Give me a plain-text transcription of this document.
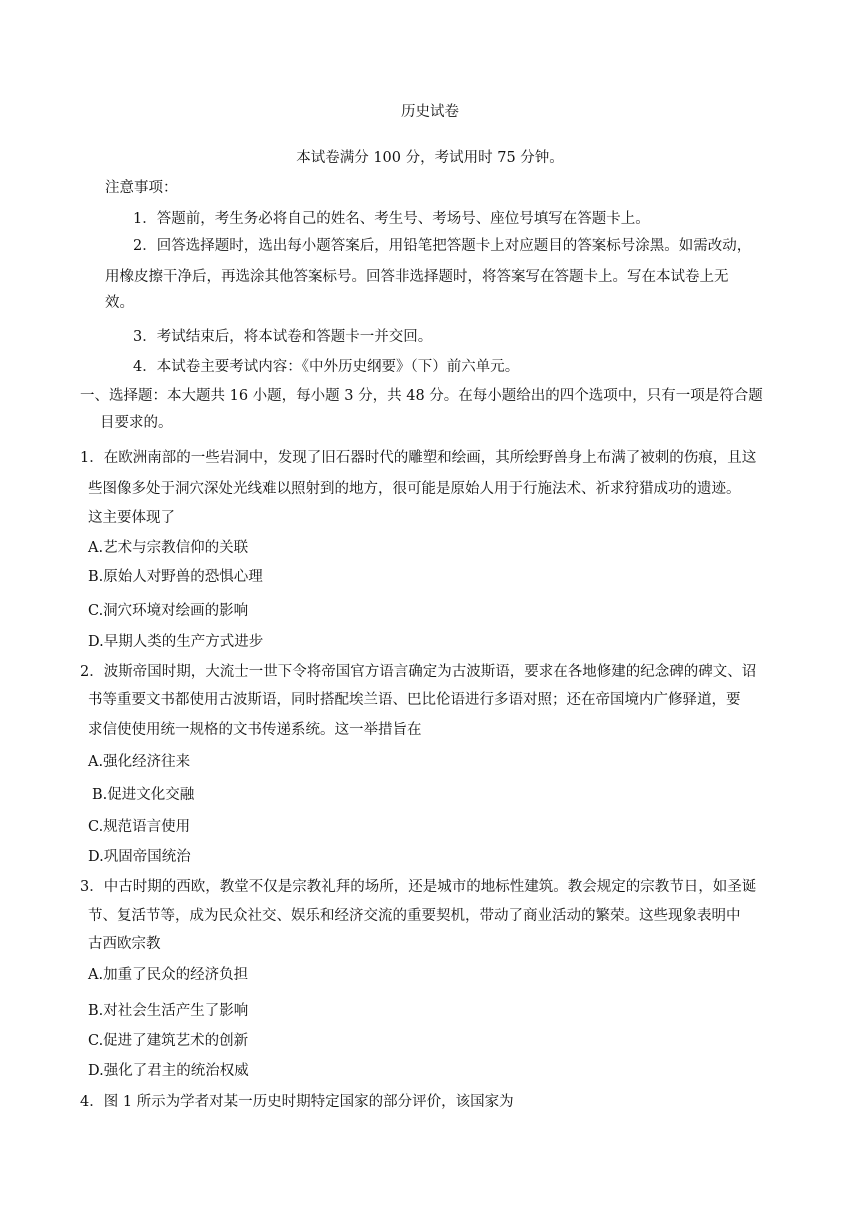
历史试卷
本试卷满分 100 分，考试用时 75 分钟。
注意事项：
1．答题前，考生务必将自己的姓名、考生号、考场号、座位号填写在答题卡上。
2．回答选择题时，选出每小题答案后，用铅笔把答题卡上对应题目的答案标号涂黑。如需改动，
用橡皮擦干净后，再选涂其他答案标号。回答非选择题时，将答案写在答题卡上。写在本试卷上无
效。
3．考试结束后，将本试卷和答题卡一并交回。
4．本试卷主要考试内容：《中外历史纲要》（下）前六单元。
一、选择题：本大题共 16 小题，每小题 3 分，共 48 分。在每小题给出的四个选项中，只有一项是符合题
目要求的。
1．在欧洲南部的一些岩洞中，发现了旧石器时代的雕塑和绘画，其所绘野兽身上布满了被刺的伤痕，且这
些图像多处于洞穴深处光线难以照射到的地方，很可能是原始人用于行施法术、祈求狩猎成功的遗迹。
这主要体现了
A.艺术与宗教信仰的关联
B.原始人对野兽的恐惧心理
C.洞穴环境对绘画的影响
D.早期人类的生产方式进步
2．波斯帝国时期，大流士一世下令将帝国官方语言确定为古波斯语，要求在各地修建的纪念碑的碑文、诏
书等重要文书都使用古波斯语，同时搭配埃兰语、巴比伦语进行多语对照；还在帝国境内广修驿道，要
求信使使用统一规格的文书传递系统。这一举措旨在
A.强化经济往来
B.促进文化交融
C.规范语言使用
D.巩固帝国统治
3．中古时期的西欧，教堂不仅是宗教礼拜的场所，还是城市的地标性建筑。教会规定的宗教节日，如圣诞
节、复活节等，成为民众社交、娱乐和经济交流的重要契机，带动了商业活动的繁荣。这些现象表明中
古西欧宗教
A.加重了民众的经济负担
B.对社会生活产生了影响
C.促进了建筑艺术的创新
D.强化了君主的统治权威
4．图 1 所示为学者对某一历史时期特定国家的部分评价，该国家为
